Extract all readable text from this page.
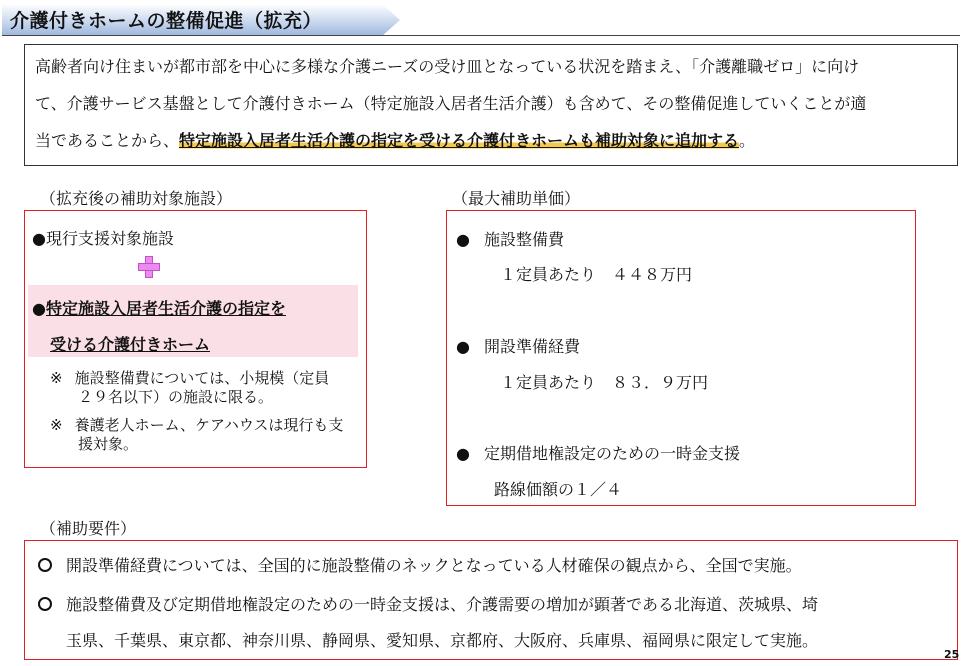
介護付きホームの整備促進（拡充）
高齢者向け住まいが都市部を中心に多様な介護ニーズの受け皿となっている状況を踏まえ、「介護離職ゼロ」に向け
て、介護サービス基盤として介護付きホーム（特定施設入居者生活介護）も含めて、その整備促進していくことが適
当であることから、特定施設入居者生活介護の指定を受ける介護付きホームも補助対象に追加する。
（拡充後の補助対象施設）
●現行支援対象施設
●特定施設入居者生活介護の指定を
受ける介護付きホーム
※ 施設整備費については、小規模（定員
２９名以下）の施設に限る。
※ 養護老人ホーム、ケアハウスは現行も支
援対象。
（最大補助単価）
● 施設整備費
１定員あたり　４４８万円
● 開設準備経費
１定員あたり　８３．９万円
● 定期借地権設定のための一時金支援
路線価額の１／４
（補助要件）
開設準備経費については、全国的に施設整備のネックとなっている人材確保の観点から、全国で実施。
施設整備費及び定期借地権設定のための一時金支援は、介護需要の増加が顕著である北海道、茨城県、埼
玉県、千葉県、東京都、神奈川県、静岡県、愛知県、京都府、大阪府、兵庫県、福岡県に限定して実施。
25
